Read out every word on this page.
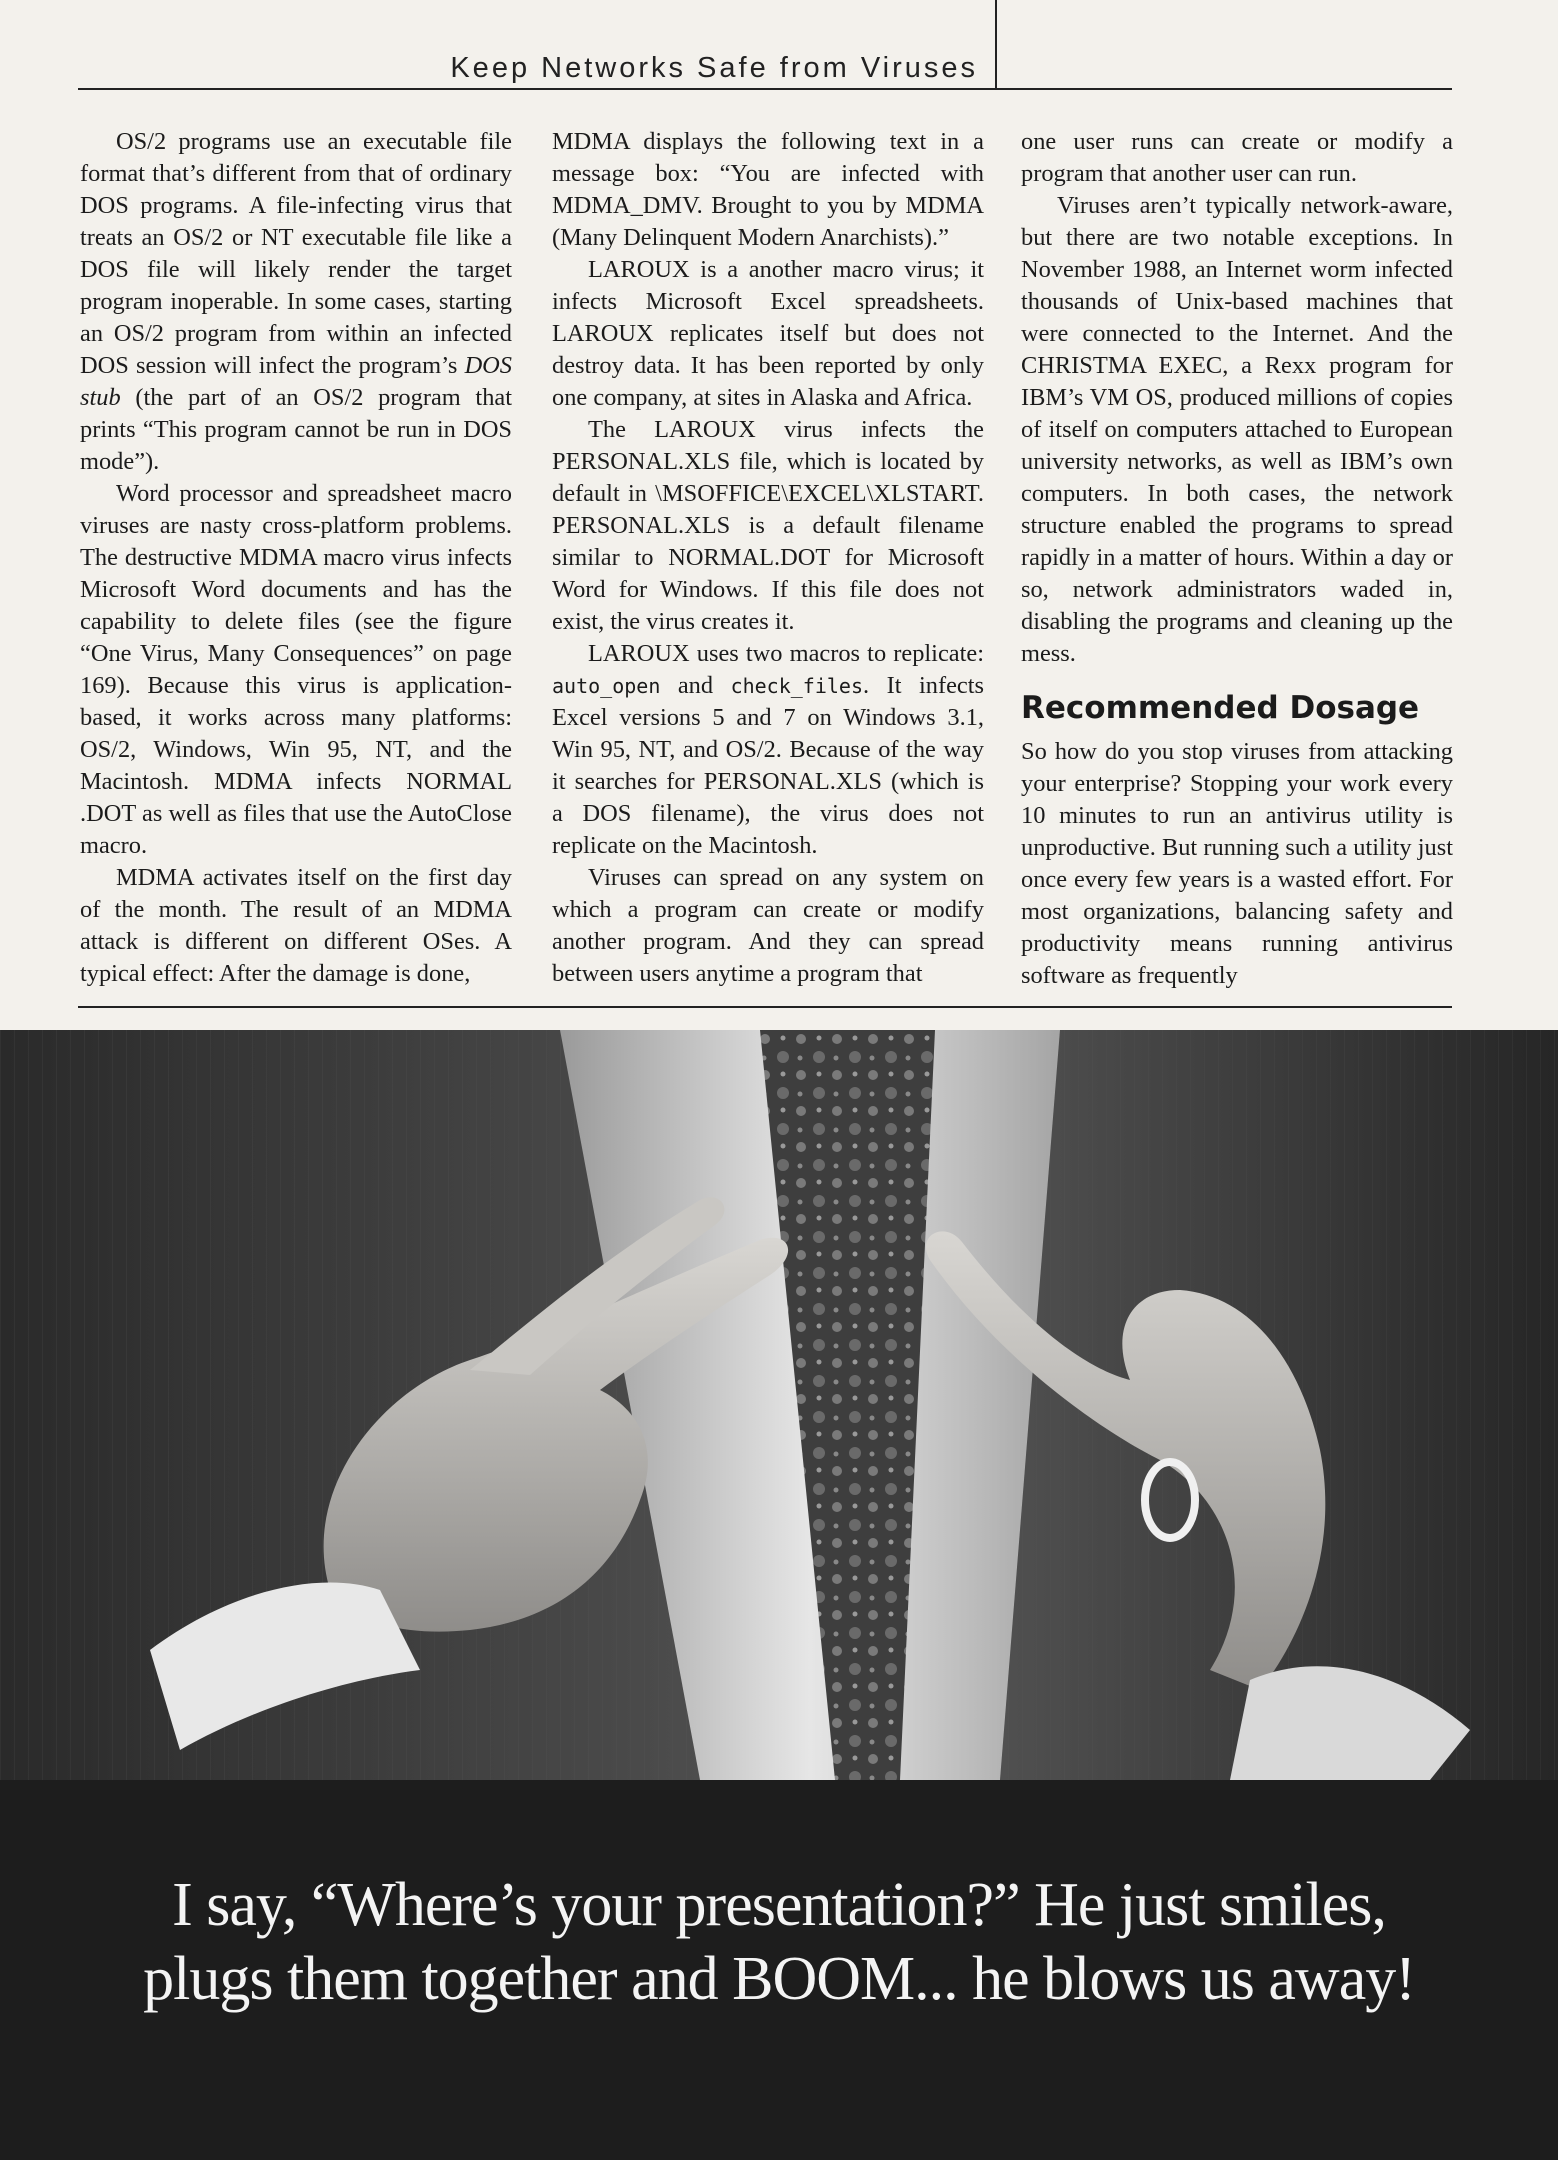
Keep Networks Safe from Viruses

OS/2 programs use an executable file format that’s different from that of ordinary DOS programs. A file-infecting virus that treats an OS/2 or NT executable file like a DOS file will likely render the target program inoperable. In some cases, starting an OS/2 program from within an infected DOS session will infect the program’s DOS stub (the part of an OS/2 program that prints “This program cannot be run in DOS mode”).

Word processor and spreadsheet macro viruses are nasty cross-platform problems. The destructive MDMA macro virus infects Microsoft Word documents and has the capability to delete files (see the figure “One Virus, Many Consequences” on page 169). Because this virus is application-based, it works across many platforms: OS/2, Windows, Win 95, NT, and the Macintosh. MDMA infects NORMAL .DOT as well as files that use the AutoClose macro.

MDMA activates itself on the first day of the month. The result of an MDMA attack is different on different OSes. A typical effect: After the damage is done,

MDMA displays the following text in a message box: “You are infected with MDMA_DMV. Brought to you by MDMA (Many Delinquent Modern Anarchists).”

LAROUX is a another macro virus; it infects Microsoft Excel spreadsheets. LAROUX replicates itself but does not destroy data. It has been reported by only one company, at sites in Alaska and Africa.

The LAROUX virus infects the PERSONAL.XLS file, which is located by default in \MSOFFICE\EXCEL\XLSTART. PERSONAL.XLS is a default filename similar to NORMAL.DOT for Microsoft Word for Windows. If this file does not exist, the virus creates it.

LAROUX uses two macros to replicate: auto_open and check_files. It infects Excel versions 5 and 7 on Windows 3.1, Win 95, NT, and OS/2. Because of the way it searches for PERSONAL.XLS (which is a DOS filename), the virus does not replicate on the Macintosh.

Viruses can spread on any system on which a program can create or modify another program. And they can spread between users anytime a program that

one user runs can create or modify a program that another user can run.

Viruses aren’t typically network-aware, but there are two notable exceptions. In November 1988, an Internet worm infected thousands of Unix-based machines that were connected to the Internet. And the CHRISTMA EXEC, a Rexx program for IBM’s VM OS, produced millions of copies of itself on computers attached to European university networks, as well as IBM’s own computers. In both cases, the network structure enabled the programs to spread rapidly in a matter of hours. Within a day or so, network administrators waded in, disabling the programs and cleaning up the mess.

Recommended Dosage

So how do you stop viruses from attacking your enterprise? Stopping your work every 10 minutes to run an antivirus utility is unproductive. But running such a utility just once every few years is a wasted effort. For most organizations, balancing safety and productivity means running antivirus software as frequently

I say, “Where’s your presentation?” He just smiles,
plugs them together and BOOM... he blows us away!
